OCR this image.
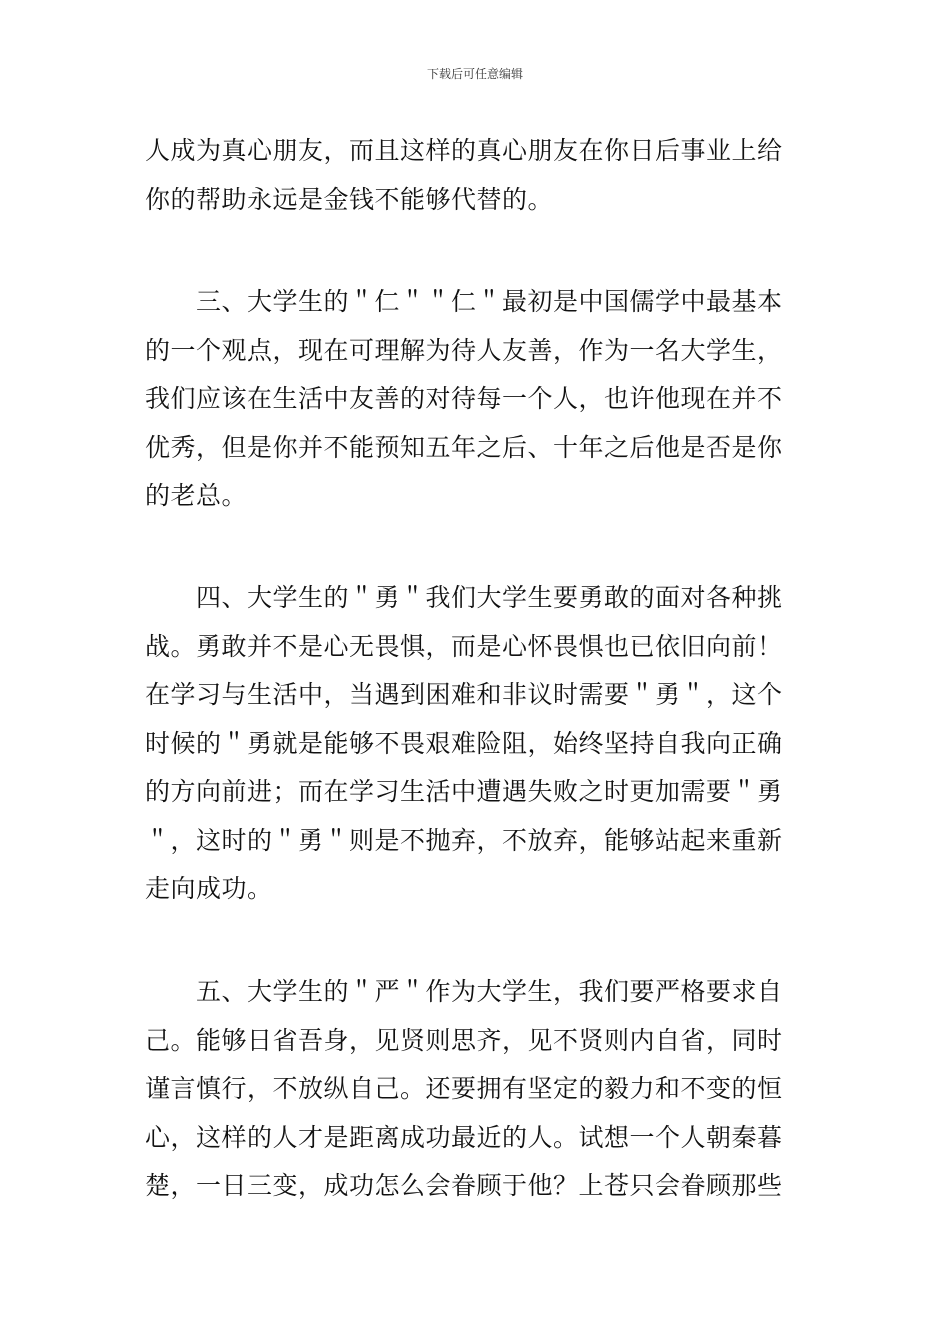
下载后可任意编辑
人成为真心朋友，而且这样的真心朋友在你日后事业上给
你的帮助永远是金钱不能够代替的。
三、大学生的＂仁＂＂仁＂最初是中国儒学中最基本
的一个观点，现在可理解为待人友善，作为一名大学生，
我们应该在生活中友善的对待每一个人，也许他现在并不
优秀，但是你并不能预知五年之后、十年之后他是否是你
的老总。
四、大学生的＂勇＂我们大学生要勇敢的面对各种挑
战。勇敢并不是心无畏惧，而是心怀畏惧也已依旧向前！
在学习与生活中，当遇到困难和非议时需要＂勇＂，这个
时候的＂勇就是能够不畏艰难险阻，始终坚持自我向正确
的方向前进；而在学习生活中遭遇失败之时更加需要＂勇
＂，这时的＂勇＂则是不抛弃，不放弃，能够站起来重新
走向成功。
五、大学生的＂严＂作为大学生，我们要严格要求自
己。能够日省吾身，见贤则思齐，见不贤则内自省，同时
谨言慎行，不放纵自己。还要拥有坚定的毅力和不变的恒
心，这样的人才是距离成功最近的人。试想一个人朝秦暮
楚，一日三变，成功怎么会眷顾于他？上苍只会眷顾那些
